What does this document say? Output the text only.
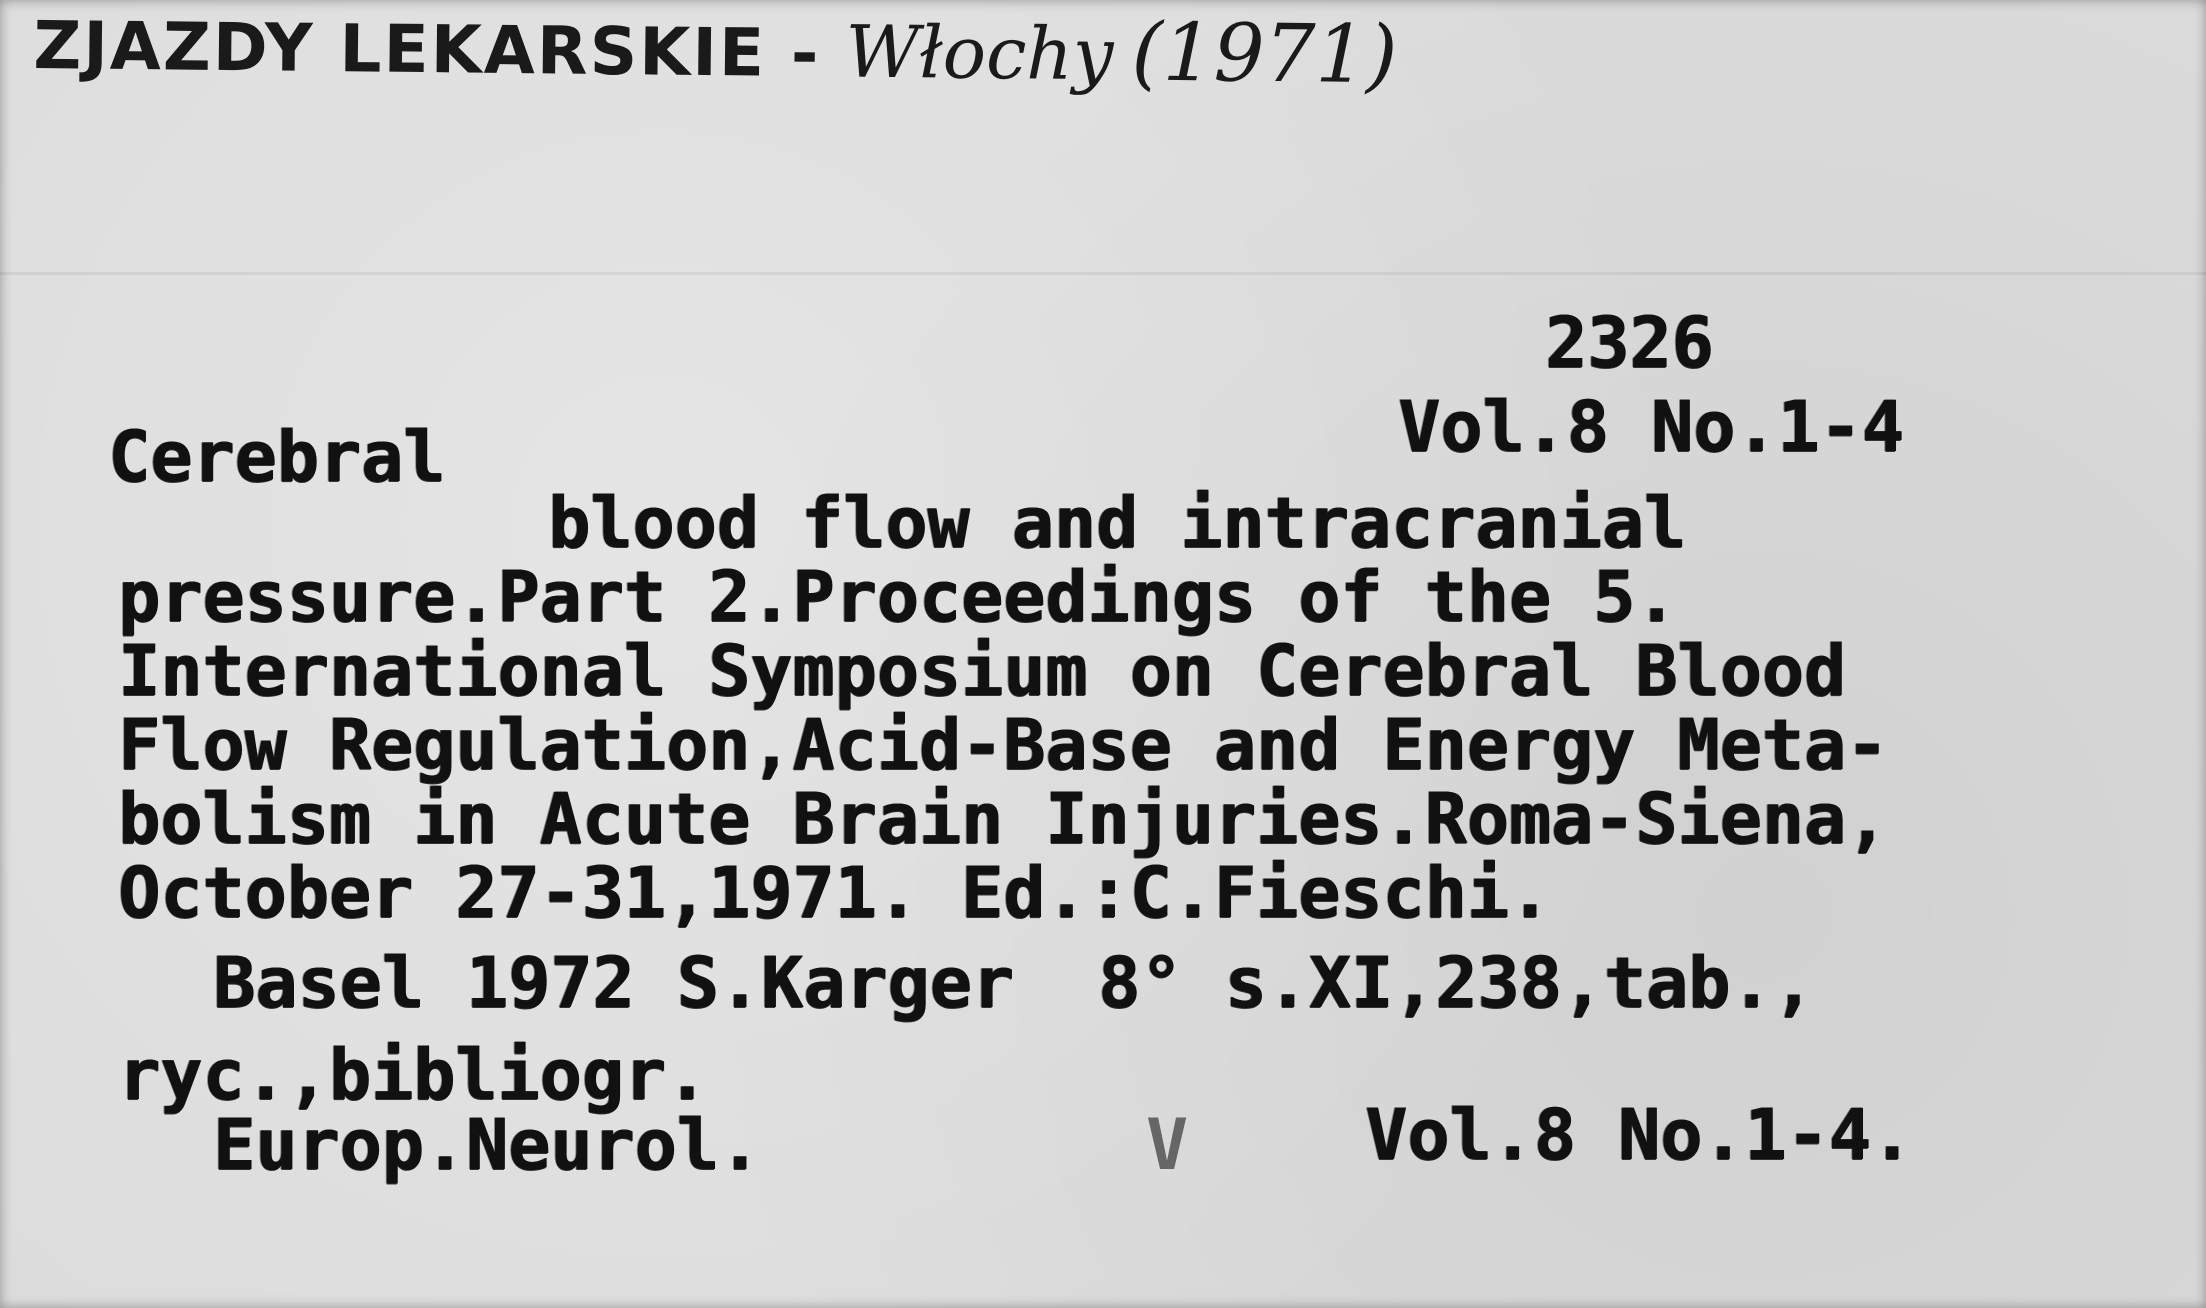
ZJAZDY LEKARSKIE - Włochy (1971)

2326

Vol.8 No.1-4

Cerebral

blood flow and intracranial

pressure.Part 2.Proceedings of the 5.

International Symposium on Cerebral Blood

Flow Regulation,Acid-Base and Energy Meta-

bolism in Acute Brain Injuries.Roma-Siena,

October 27-31,1971. Ed.:C.Fieschi.

Basel 1972 S.Karger  8° s.XI,238,tab.,

ryc.,bibliogr.

Europ.Neurol.	V	Vol.8 No.1-4.
